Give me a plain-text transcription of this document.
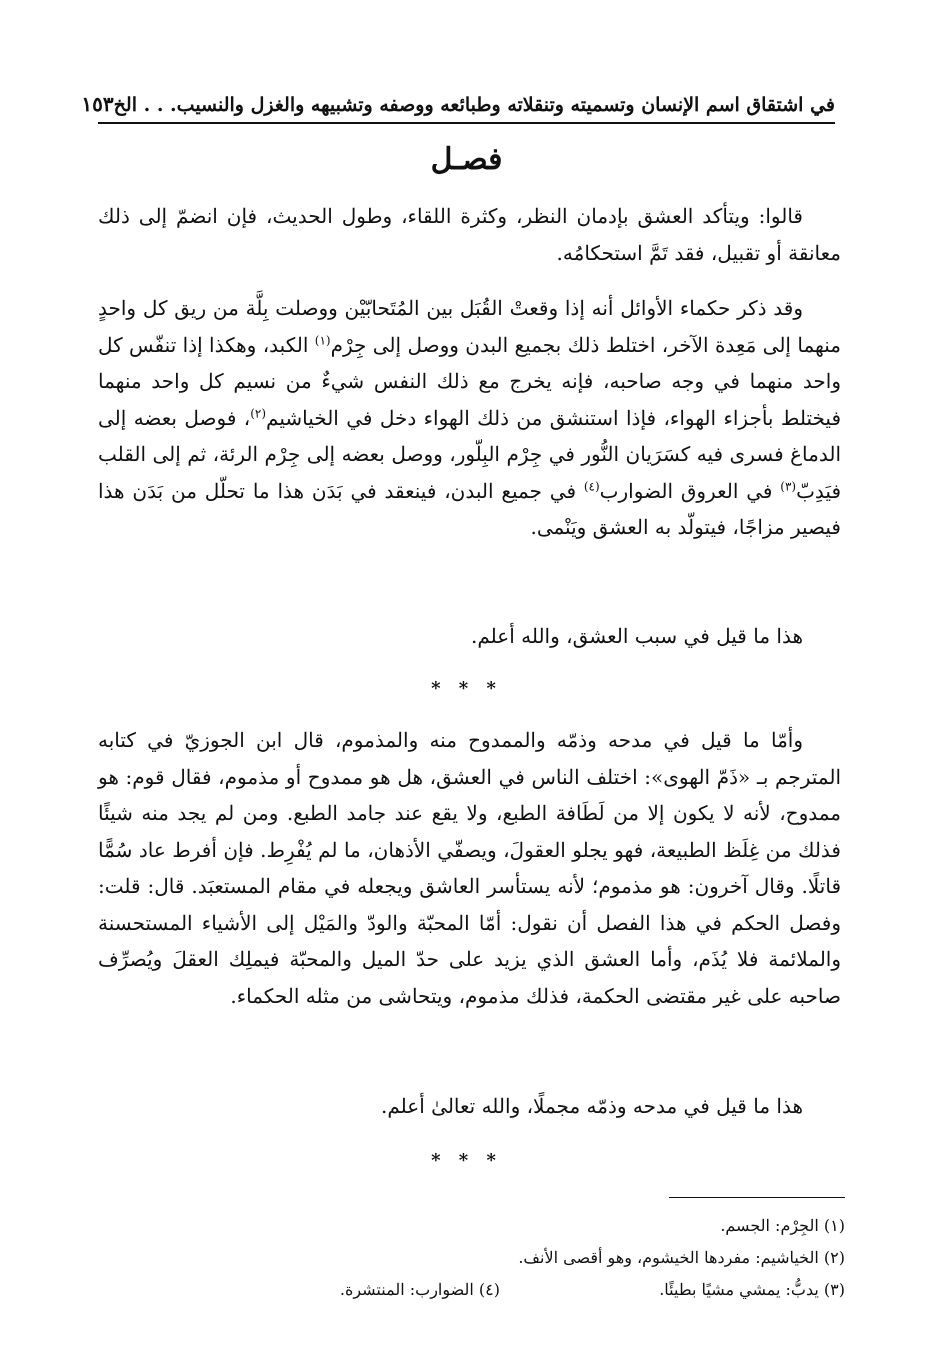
في اشتقاق اسم الإنسان وتسميته وتنقلاته وطبائعه ووصفه وتشبيهه والغزل والنسيب. . . الخ
١٥٣
فصـل

قالوا: ويتأكد العشق بإدمان النظر، وكثرة اللقاء، وطول الحديث، فإن انضمّ إلى ذلك معانقة أو تقبيل، فقد تَمَّ استحكامُه.

وقد ذكر حكماء الأوائل أنه إذا وقعتْ القُبَل بين المُتَحابّيْن ووصلت بِلَّة من ريق كل واحدٍ منهما إلى مَعِدة الآخر، اختلط ذلك بجميع البدن ووصل إلى جِرْم$^{(١)}$ الكبد، وهكذا إذا تنفّس كل واحد منهما في وجه صاحبه، فإنه يخرج مع ذلك النفس شيءٌ من نسيم كل واحد منهما فيختلط بأجزاء الهواء، فإذا استنشق من ذلك الهواء دخل في الخياشيم$^{(٢)}$، فوصل بعضه إلى الدماغ فسرى فيه كسَرَيان النُّور في جِرْم البِلّور، ووصل بعضه إلى جِرْم الرئة، ثم إلى القلب فيَدِبّ$^{(٣)}$ في العروق الضوارب$^{(٤)}$ في جميع البدن، فينعقد في بَدَن هذا ما تحلّل من بَدَن هذا فيصير مزاجًا، فيتولّد به العشق ويَنْمى.

هذا ما قيل في سبب العشق، والله أعلم.

* * *

وأمّا ما قيل في مدحه وذمّه والممدوح منه والمذموم، قال ابن الجوزيّ في كتابه المترجم بـ «ذَمّ الهوى»: اختلف الناس في العشق، هل هو ممدوح أو مذموم، فقال قوم: هو ممدوح، لأنه لا يكون إلا من لَطَافة الطبع، ولا يقع عند جامد الطبع. ومن لم يجد منه شيئًا فذلك من غِلَظ الطبيعة، فهو يجلو العقولَ، ويصفّي الأذهان، ما لم يُفْرِط. فإن أفرط عاد سُمًّا قاتلًا. وقال آخرون: هو مذموم؛ لأنه يستأسر العاشق ويجعله في مقام المستعبَد. قال: قلت: وفصل الحكم في هذا الفصل أن نقول: أمّا المحبّة والودّ والمَيْل إلى الأشياء المستحسنة والملائمة فلا يُذَم، وأما العشق الذي يزيد على حدّ الميل والمحبّة فيملِك العقلَ ويُصرِّف صاحبه على غير مقتضى الحكمة، فذلك مذموم، ويتحاشى من مثله الحكماء.

هذا ما قيل في مدحه وذمّه مجملًا، والله تعالىٰ أعلم.

* * *
(١) الجِرْم: الجسم.
(٢) الخياشيم: مفردها الخيشوم، وهو أقصى الأنف.
(٣) يدبُّ: يمشي مشيًا بطيئًا.
(٤) الضوارب: المنتشرة.
